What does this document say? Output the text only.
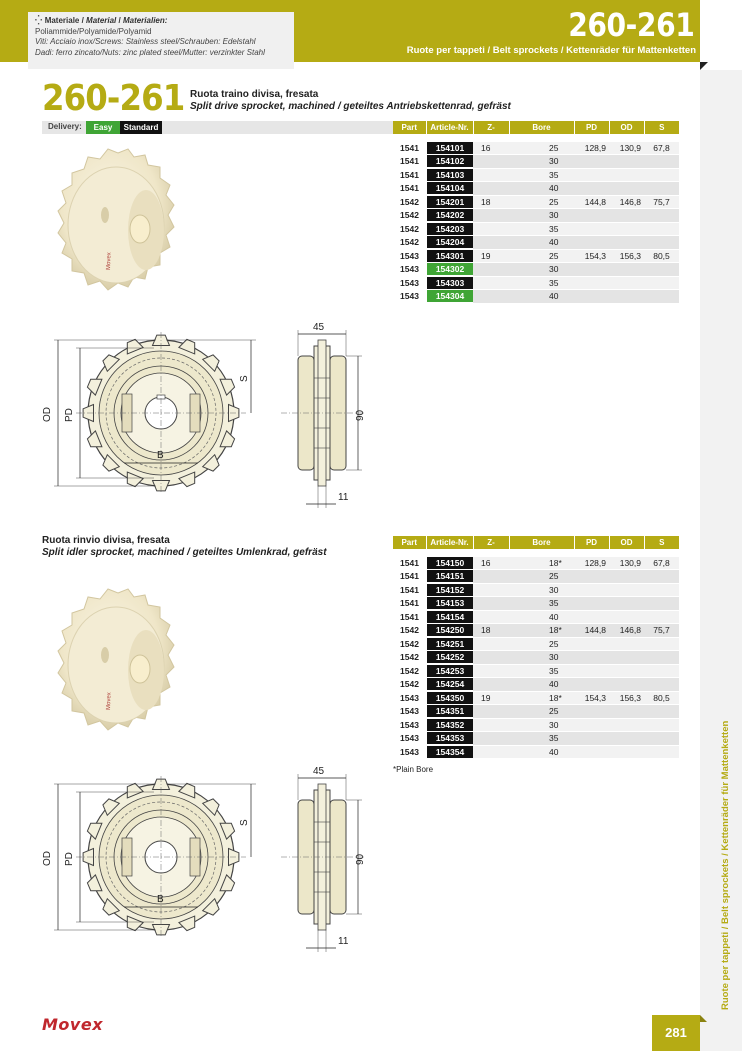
⁛ Materiale / Material / Materialien:
Poliammide/Polyamide/Polyamid
Viti: Acciaio inox/Screws: Stainless steel/Schrauben: Edelstahl
Dadi: ferro zincato/Nuts: zinc plated steel/Mutter: verzinkter Stahl
260-261
Ruote per tappeti / Belt sprockets / Kettenräder für Mattenketten
Ruote per tappeti / Belt sprockets / Kettenräder für Mattenketten
260-261 Ruota traino divisa, fresata
Split drive sprocket, machined / geteiltes Antriebskettenrad, gefräst
Delivery:	Easy	Standard	Part	Article-Nr.	Z-	Bore	PD	OD	S

1541	154101	16	25	128,9	130,9	67,8
1541	154102		30			
1541	154103		35			
1541	154104		40			
1542	154201	18	25	144,8	146,8	75,7
1542	154202		30			
1542	154203		35			
1542	154204		40			
1543	154301	19	25	154,3	156,3	80,5
1543	154302		30			
1543	154303		35			
1543	154304		40			
Movex
OD PD
S
B
45
90
11
Ruota rinvio divisa, fresata
Split idler sprocket, machined / geteiltes Umlenkrad, gefräst
Part	Article-Nr.	Z-	Bore	PD	OD	S

1541	154150	16	18*	128,9	130,9	67,8
1541	154151		25			
1541	154152		30			
1541	154153		35			
1541	154154		40			
1542	154250	18	18*	144,8	146,8	75,7
1542	154251		25			
1542	154252		30			
1542	154253		35			
1542	154254		40			
1543	154350	19	18*	154,3	156,3	80,5
1543	154351		25			
1543	154352		30			
1543	154353		35			
1543	154354		40			
*Plain Bore
Movex
OD PD
S
B
45
90
11
Movex	281
